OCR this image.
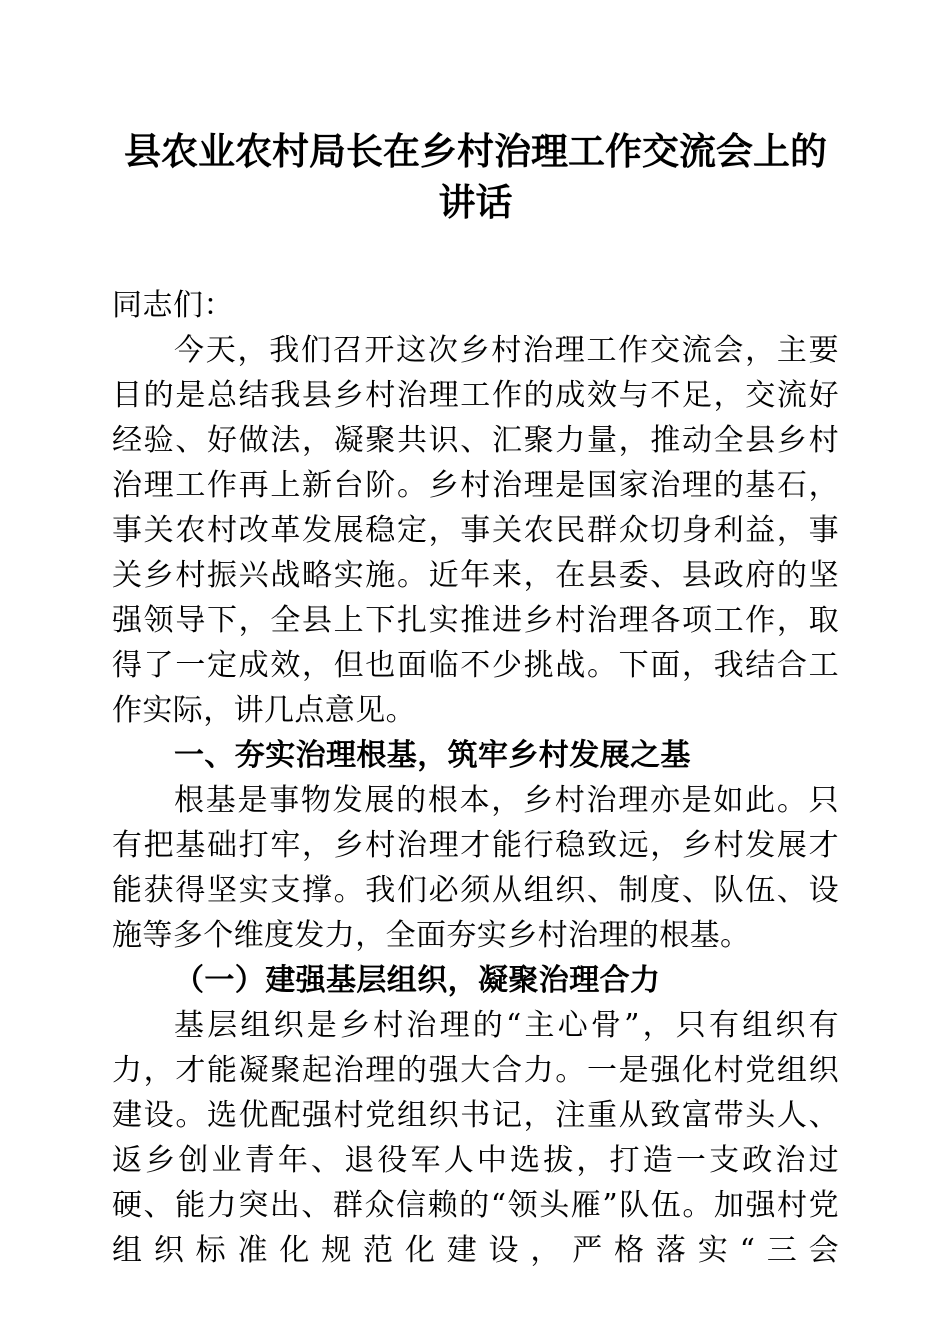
县农业农村局长在乡村治理工作交流会上的讲话

同志们：

今天，我们召开这次乡村治理工作交流会，主要目的是总结我县乡村治理工作的成效与不足，交流好经验、好做法，凝聚共识、汇聚力量，推动全县乡村治理工作再上新台阶。乡村治理是国家治理的基石，事关农村改革发展稳定，事关农民群众切身利益，事关乡村振兴战略实施。近年来，在县委、县政府的坚强领导下，全县上下扎实推进乡村治理各项工作，取得了一定成效，但也面临不少挑战。下面，我结合工作实际，讲几点意见。

一、夯实治理根基，筑牢乡村发展之基

根基是事物发展的根本，乡村治理亦是如此。只有把基础打牢，乡村治理才能行稳致远，乡村发展才能获得坚实支撑。我们必须从组织、制度、队伍、设施等多个维度发力，全面夯实乡村治理的根基。

（一）建强基层组织，凝聚治理合力

基层组织是乡村治理的“主心骨”，只有组织有力，才能凝聚起治理的强大合力。一是强化村党组织建设。选优配强村党组织书记，注重从致富带头人、返乡创业青年、退役军人中选拔，打造一支政治过硬、能力突出、群众信赖的“领头雁”队伍。加强村党组织标准化规范化建设，严格落实“三会
